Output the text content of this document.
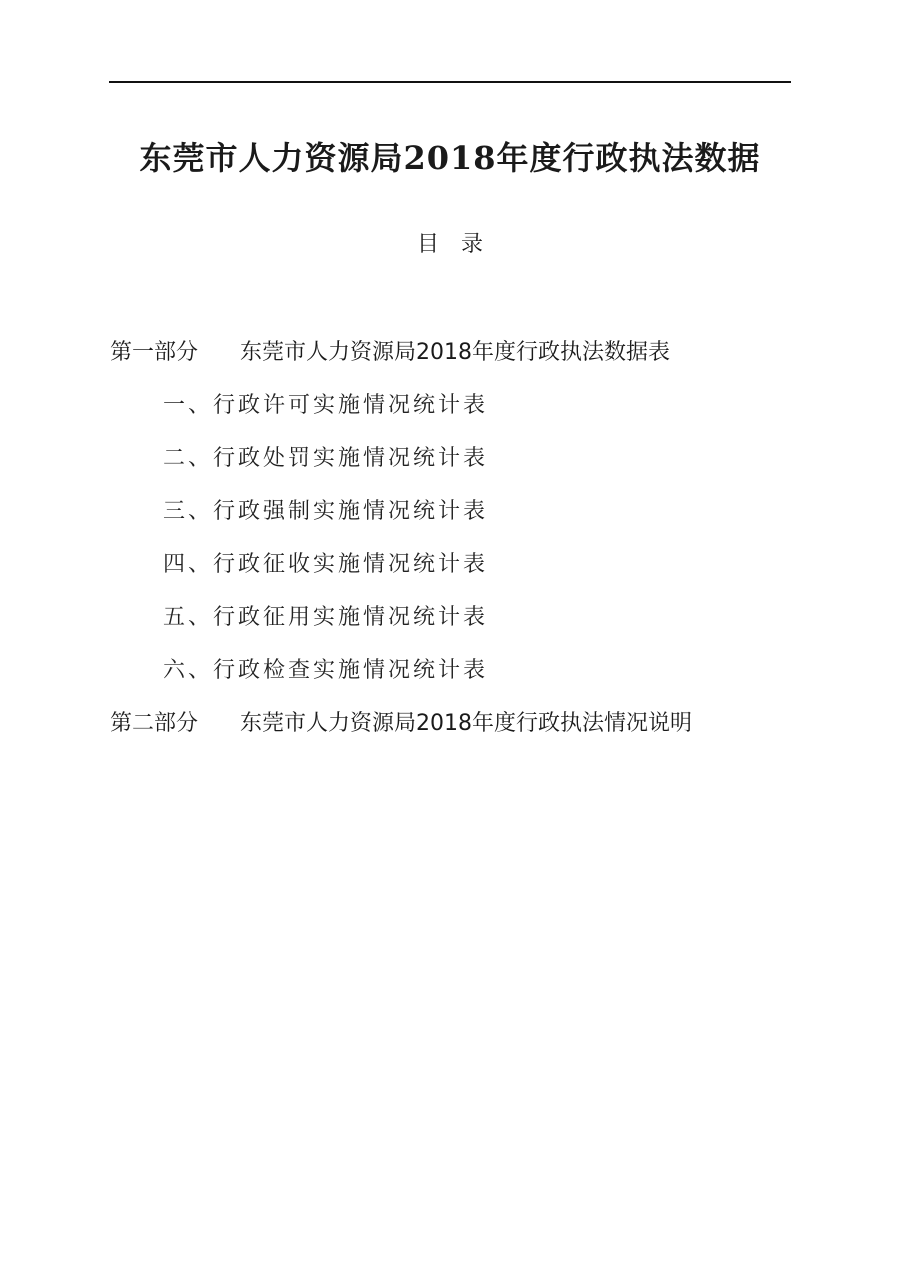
东莞市人力资源局2018年度行政执法数据
目　录
第一部分 东莞市人力资源局2018年度行政执法数据表
一、行政许可实施情况统计表
二、行政处罚实施情况统计表
三、行政强制实施情况统计表
四、行政征收实施情况统计表
五、行政征用实施情况统计表
六、行政检查实施情况统计表
第二部分 东莞市人力资源局2018年度行政执法情况说明
